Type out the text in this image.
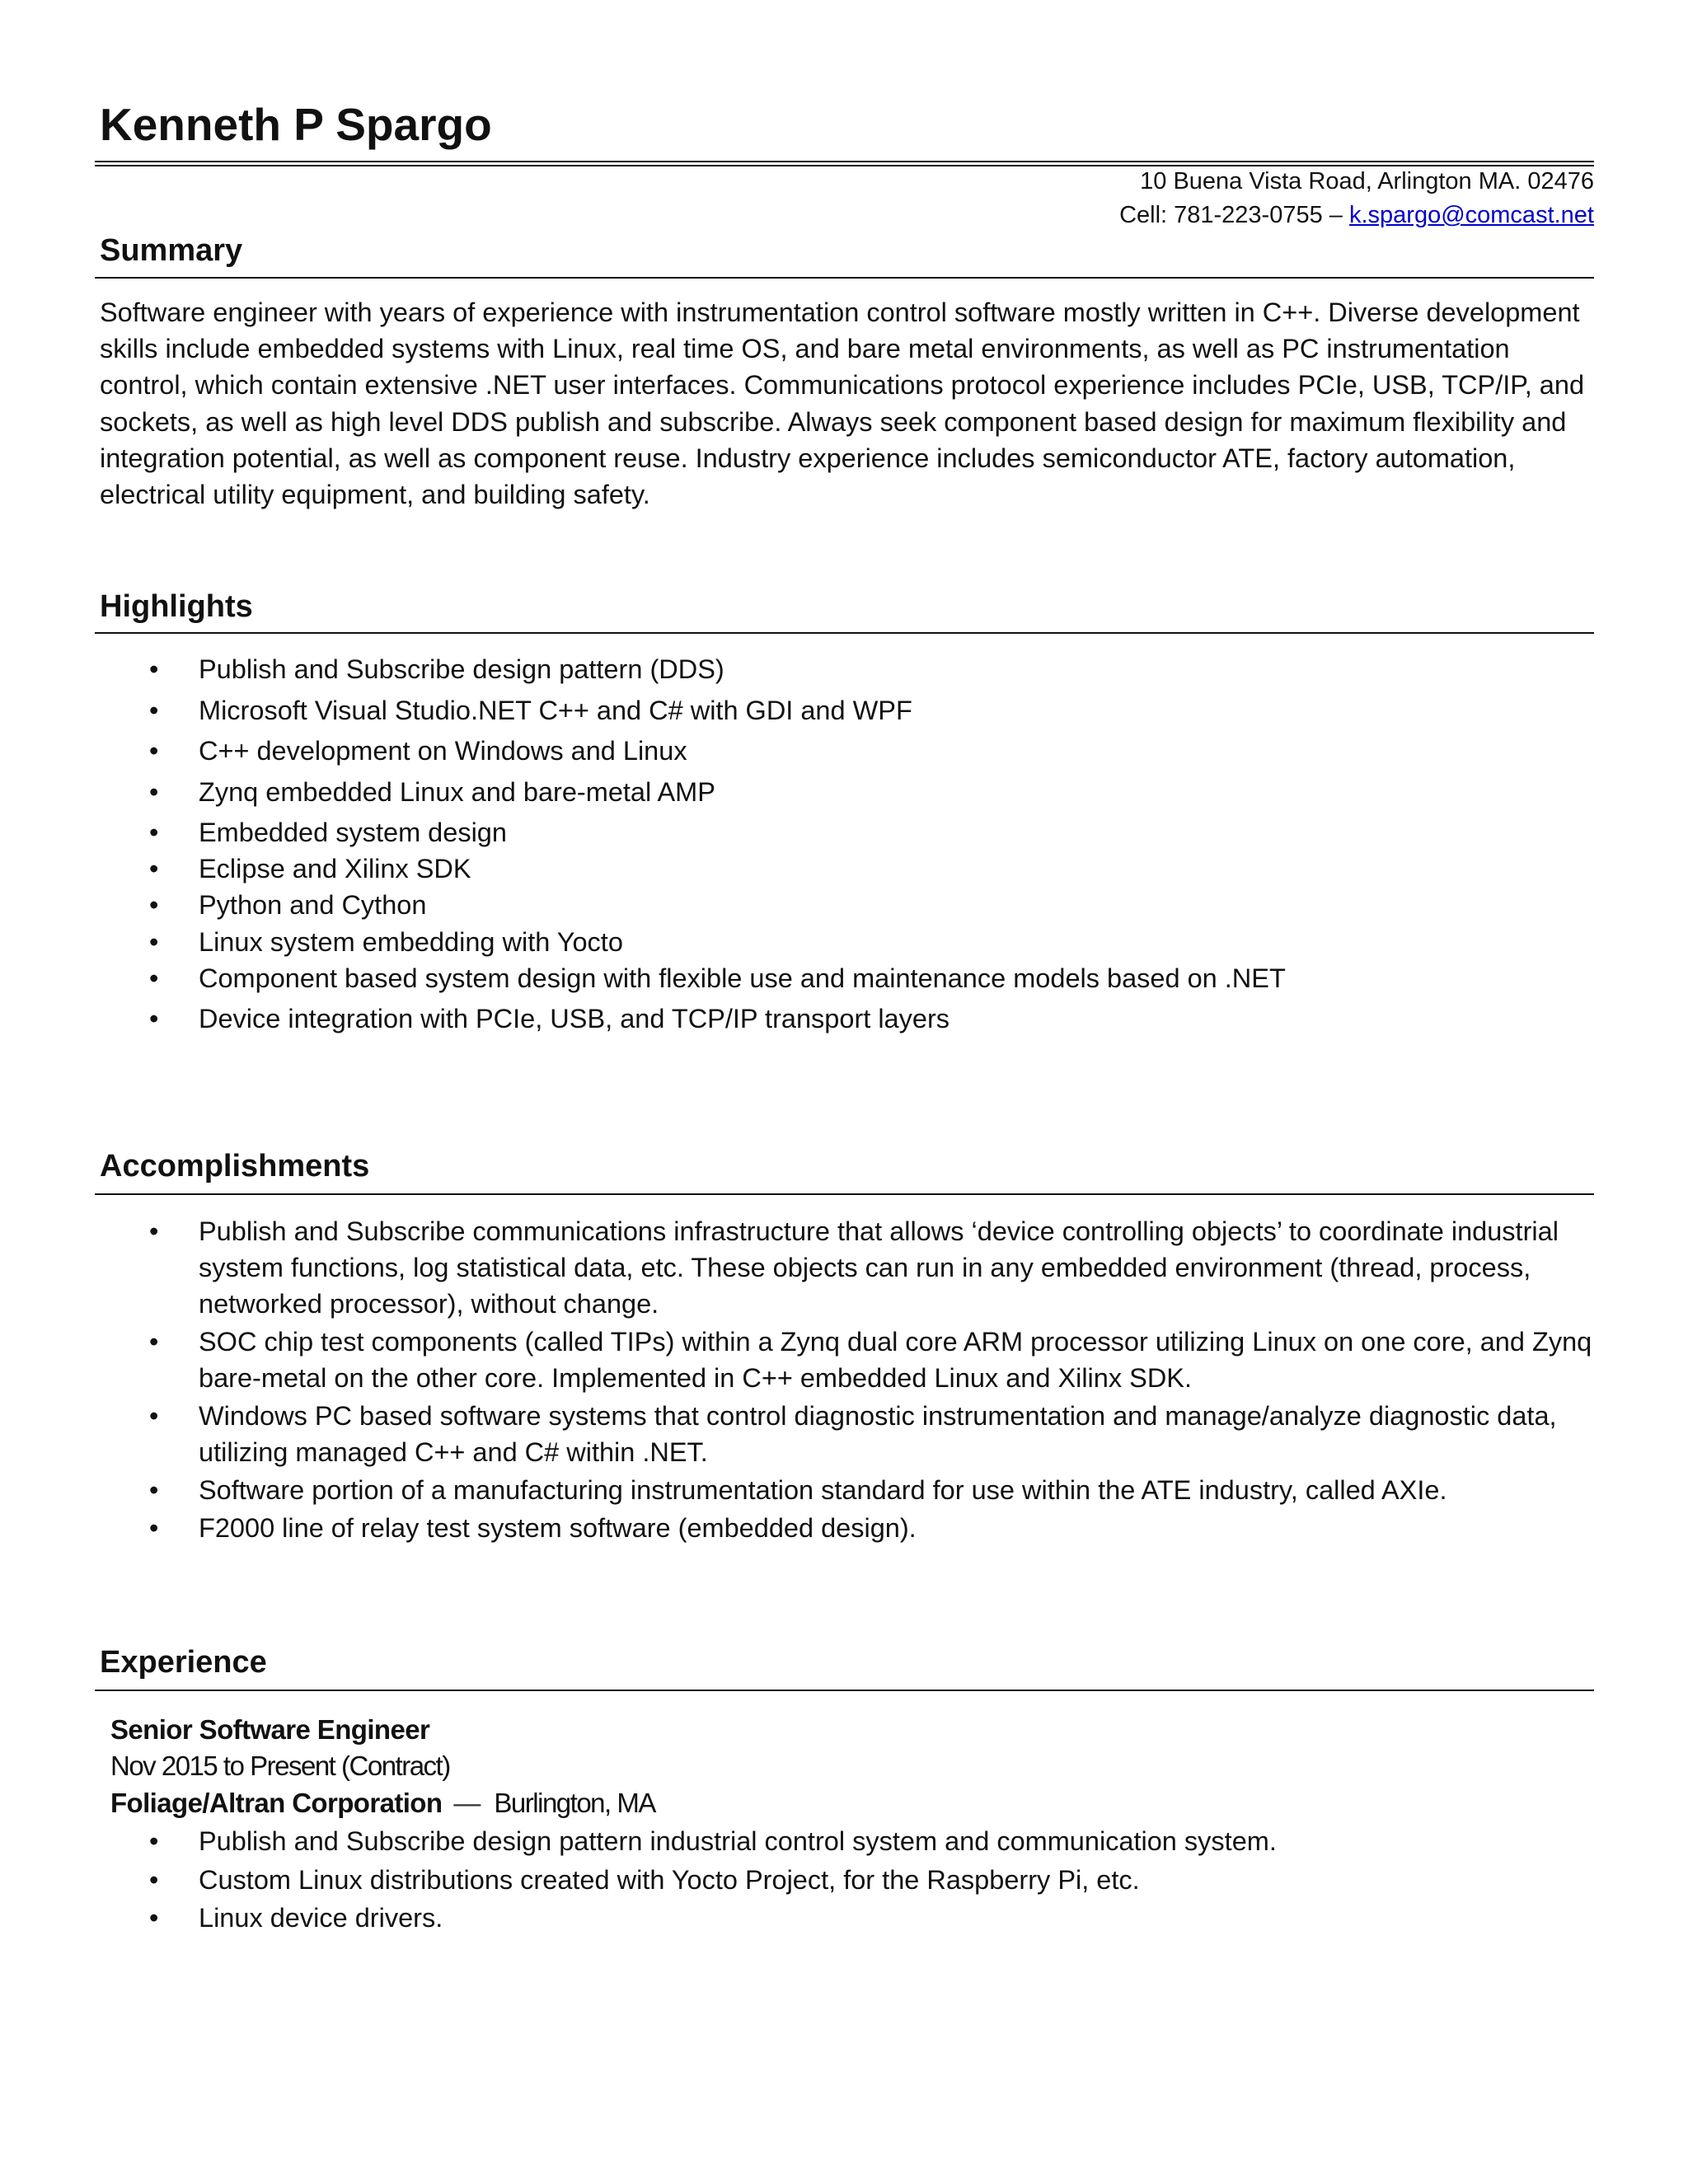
Kenneth P Spargo
10 Buena Vista Road, Arlington MA. 02476
Cell: 781-223-0755 – k.spargo@comcast.net
Summary

Software engineer with years of experience with instrumentation control software mostly written in C++. Diverse development skills include embedded systems with Linux, real time OS, and bare metal environments, as well as PC instrumentation control, which contain extensive .NET user interfaces. Communications protocol experience includes PCIe, USB, TCP/IP, and sockets, as well as high level DDS publish and subscribe. Always seek component based design for maximum flexibility and integration potential, as well as component reuse. Industry experience includes semiconductor ATE, factory automation, electrical utility equipment, and building safety.

Highlights
• Publish and Subscribe design pattern (DDS)
• Microsoft Visual Studio.NET C++ and C# with GDI and WPF
• C++ development on Windows and Linux
• Zynq embedded Linux and bare-metal AMP
• Embedded system design
• Eclipse and Xilinx SDK
• Python and Cython
• Linux system embedding with Yocto
• Component based system design with flexible use and maintenance models based on .NET
• Device integration with PCIe, USB, and TCP/IP transport layers
Accomplishments
• Publish and Subscribe communications infrastructure that allows ‘device controlling objects’ to coordinate industrial system functions, log statistical data, etc. These objects can run in any embedded environment (thread, process, networked processor), without change.
• SOC chip test components (called TIPs) within a Zynq dual core ARM processor utilizing Linux on one core, and Zynq bare-metal on the other core. Implemented in C++ embedded Linux and Xilinx SDK.
• Windows PC based software systems that control diagnostic instrumentation and manage/analyze diagnostic data, utilizing managed C++ and C# within .NET.
• Software portion of a manufacturing instrumentation standard for use within the ATE industry, called AXIe.
• F2000 line of relay test system software (embedded design).
Experience
Senior Software Engineer
Nov 2015 to Present (Contract)
Foliage/Altran Corporation — Burlington, MA
• Publish and Subscribe design pattern industrial control system and communication system.
• Custom Linux distributions created with Yocto Project, for the Raspberry Pi, etc.
• Linux device drivers.
